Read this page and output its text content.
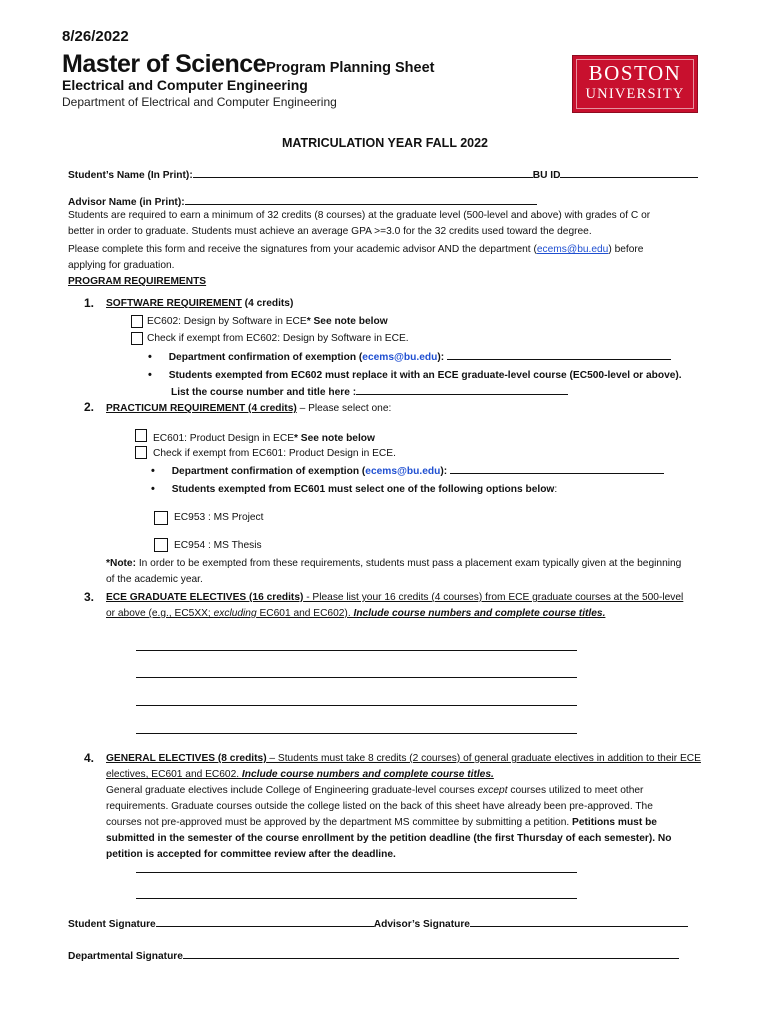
8/26/2022
Master of ScienceProgram Planning Sheet
Electrical and Computer Engineering
Department of Electrical and Computer Engineering
BOSTON
UNIVERSITY
MATRICULATION YEAR FALL 2022
Student’s Name (In Print):	BU ID
Advisor Name (in Print):
Students are required to earn a minimum of 32 credits (8 courses) at the graduate level (500-level and above) with grades of C or
better in order to graduate. Students must achieve an average GPA >=3.0 for the 32 credits used toward the degree.
Please complete this form and receive the signatures from your academic advisor AND the department (ecems@bu.edu) before
applying for graduation.
PROGRAM REQUIREMENTS
1. SOFTWARE REQUIREMENT (4 credits)
EC602: Design by Software in ECE* See note below
Check if exempt from EC602: Design by Software in ECE.
• Department confirmation of exemption (ecems@bu.edu):
• Students exempted from EC602 must replace it with an ECE graduate-level course (EC500-level or above).
List the course number and title here :
2. PRACTICUM REQUIREMENT (4 credits) – Please select one:
EC601: Product Design in ECE* See note below
Check if exempt from EC601: Product Design in ECE.
• Department confirmation of exemption (ecems@bu.edu):
• Students exempted from EC601 must select one of the following options below:
EC953 : MS Project
EC954 : MS Thesis
*Note: In order to be exempted from these requirements, students must pass a placement exam typically given at the beginning
of the academic year.
3. ECE GRADUATE ELECTIVES (16 credits) - Please list your 16 credits (4 courses) from ECE graduate courses at the 500-level
or above (e.g., EC5XX; excluding EC601 and EC602). Include course numbers and complete course titles.
4. GENERAL ELECTIVES (8 credits) – Students must take 8 credits (2 courses) of general graduate electives in addition to their ECE
electives, EC601 and EC602. Include course numbers and complete course titles.
General graduate electives include College of Engineering graduate-level courses except courses utilized to meet other
requirements. Graduate courses outside the college listed on the back of this sheet have already been pre-approved. The
courses not pre-approved must be approved by the department MS committee by submitting a petition. Petitions must be
submitted in the semester of the course enrollment by the petition deadline (the first Thursday of each semester). No
petition is accepted for committee review after the deadline.
Student Signature	Advisor’s Signature
Departmental Signature
